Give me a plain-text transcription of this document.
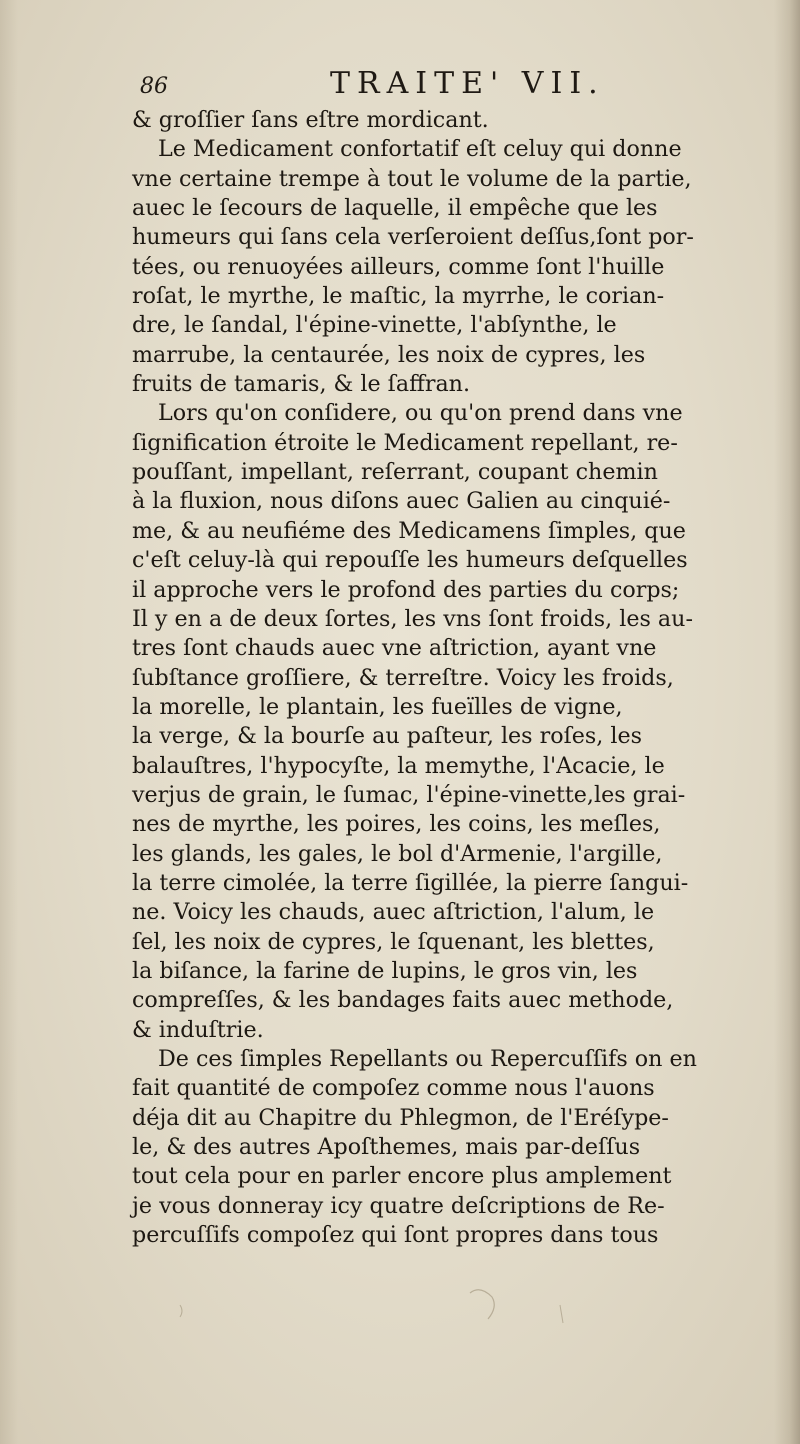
86	TRAITE' VII.
& groſſier ſans eſtre mordicant.
Le Medicament confortatif eſt celuy qui donne
vne certaine trempe à tout le volume de la partie,
auec le ſecours de laquelle, il empêche que les
humeurs qui ſans cela verſeroient deſſus,ſont por-
tées, ou renuoyées ailleurs, comme ſont l'huille
roſat, le myrthe, le maſtic, la myrrhe, le corian-
dre, le ſandal, l'épine-vinette, l'abſynthe, le
marrube, la centaurée, les noix de cypres, les
fruits de tamaris, & le ſaffran.
Lors qu'on conſidere, ou qu'on prend dans vne
ſignification étroite le Medicament repellant, re-
pouſſant, impellant, reſerrant, coupant chemin
à la fluxion, nous diſons auec Galien au cinquié-
me, & au neufiéme des Medicamens ſimples, que
c'eſt celuy-là qui repouſſe les humeurs deſquelles
il approche vers le profond des parties du corps;
Il y en a de deux ſortes, les vns ſont froids, les au-
tres ſont chauds auec vne aſtriction, ayant vne
ſubſtance groſſiere, & terreſtre. Voicy les froids,
la morelle, le plantain, les fueïlles de vigne,
la verge, & la bourſe au paſteur, les roſes, les
balauſtres, l'hypocyſte, la memythe, l'Acacie, le
verjus de grain, le ſumac, l'épine-vinette,les grai-
nes de myrthe, les poires, les coins, les meſles,
les glands, les gales, le bol d'Armenie, l'argille,
la terre cimolée, la terre ſigillée, la pierre ſangui-
ne. Voicy les chauds, auec aſtriction, l'alum, le
ſel, les noix de cypres, le ſquenant, les blettes,
la biſance, la farine de lupins, le gros vin, les
compreſſes, & les bandages faits auec methode,
& induſtrie.
De ces ſimples Repellants ou Repercuſſifs on en
fait quantité de compoſez comme nous l'auons
déja dit au Chapitre du Phlegmon, de l'Eréſype-
le, & des autres Apoſthemes, mais par-deſſus
tout cela pour en parler encore plus amplement
je vous donneray icy quatre deſcriptions de Re-
percuſſifs compoſez qui ſont propres dans tous
